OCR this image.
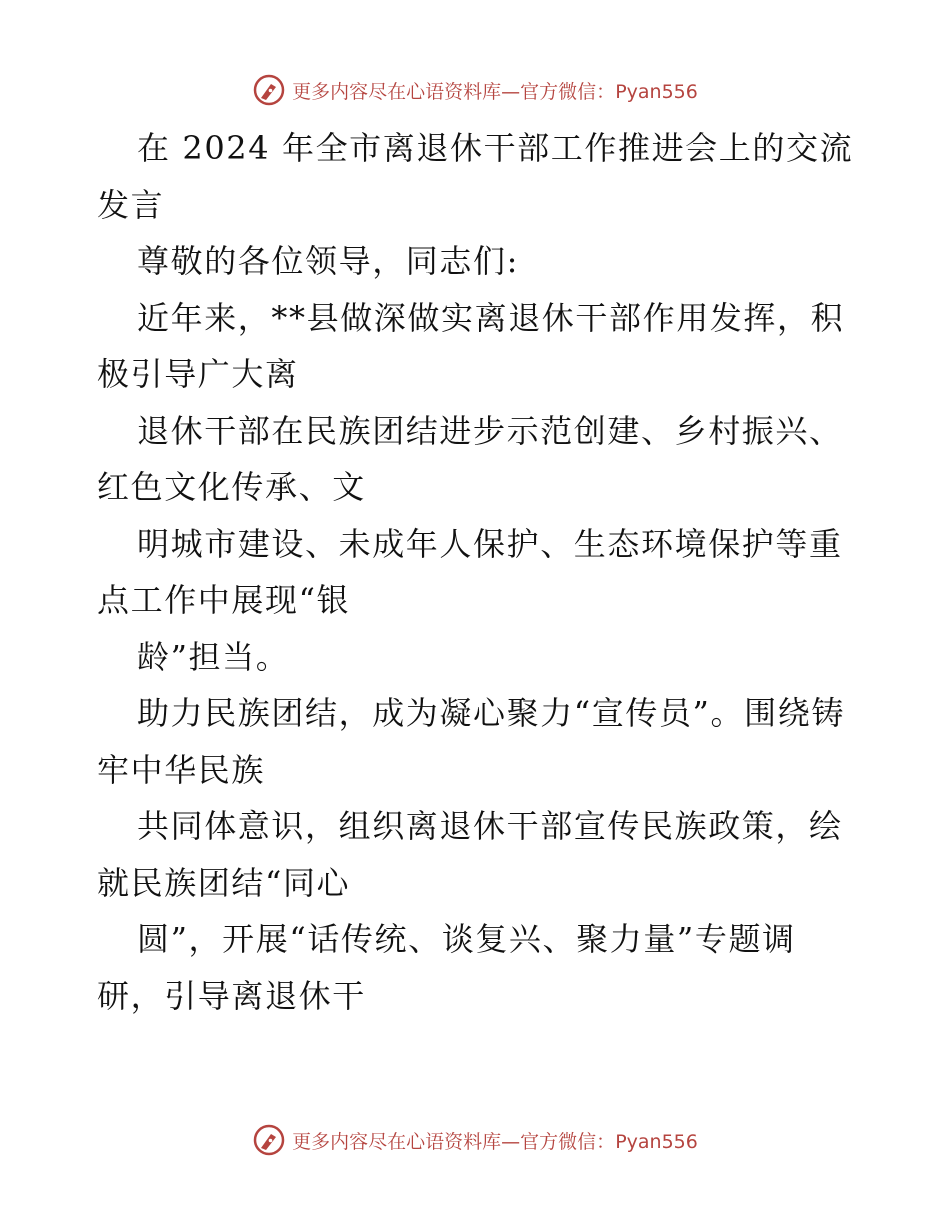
更多内容尽在心语资料库—官方微信：Pyan556

在 2024 年全市离退休干部工作推进会上的交流发言

尊敬的各位领导，同志们:

近年来，**县做深做实离退休干部作用发挥，积极引导广大离

退休干部在民族团结进步示范创建、乡村振兴、红色文化传承、文

明城市建设、未成年人保护、生态环境保护等重点工作中展现“银

龄”担当。

助力民族团结，成为凝心聚力“宣传员”。围绕铸牢中华民族

共同体意识，组织离退休干部宣传民族政策，绘就民族团结“同心

圆”，开展“话传统、谈复兴、聚力量”专题调研，引导离退休干

更多内容尽在心语资料库—官方微信：Pyan556
